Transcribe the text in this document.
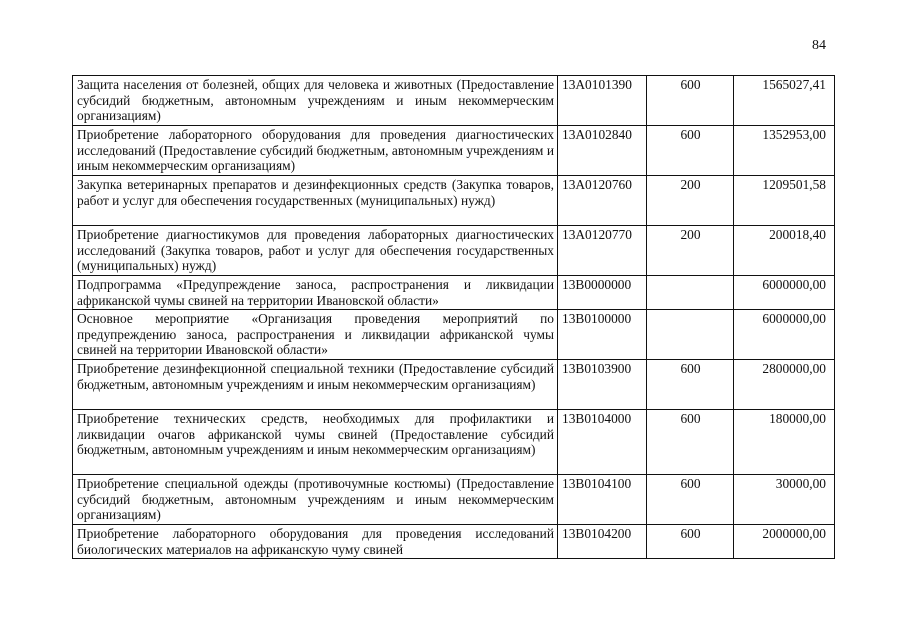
84
Защита населения от болезней, общих для человека и животных (Предоставление субсидий бюджетным, автономным учреждениям и иным некоммерческим организациям)	13А0101390	600	1565027,41
Приобретение лабораторного оборудования для проведения диагностических исследований (Предоставление субсидий бюджетным, автономным учреждениям и иным некоммерческим организациям)	13А0102840	600	1352953,00
Закупка ветеринарных препаратов и дезинфекционных средств (Закупка товаров, работ и услуг для обеспечения государственных (муниципальных) нужд)	13А0120760	200	1209501,58
Приобретение диагностикумов для проведения лабораторных диагностических исследований (Закупка товаров, работ и услуг для обеспечения государственных (муниципальных) нужд)	13А0120770	200	200018,40
Подпрограмма «Предупреждение заноса, распространения и ликвидации африканской чумы свиней на территории Ивановской области»	13В0000000		6000000,00
Основное мероприятие «Организация проведения мероприятий по предупреждению заноса, распространения и ликвидации африканской чумы свиней на территории Ивановской области»	13В0100000		6000000,00
Приобретение дезинфекционной специальной техники (Предоставление субсидий бюджетным, автономным учреждениям и иным некоммерческим организациям)	13В0103900	600	2800000,00
Приобретение технических средств, необходимых для профилактики и ликвидации очагов африканской чумы свиней (Предоставление субсидий бюджетным, автономным учреждениям и иным некоммерческим организациям)	13В0104000	600	180000,00
Приобретение специальной одежды (противочумные костюмы) (Предоставление субсидий бюджетным, автономным учреждениям и иным некоммерческим организациям)	13В0104100	600	30000,00
Приобретение лабораторного оборудования для проведения исследований биологических материалов на африканскую чуму свиней	13В0104200	600	2000000,00
